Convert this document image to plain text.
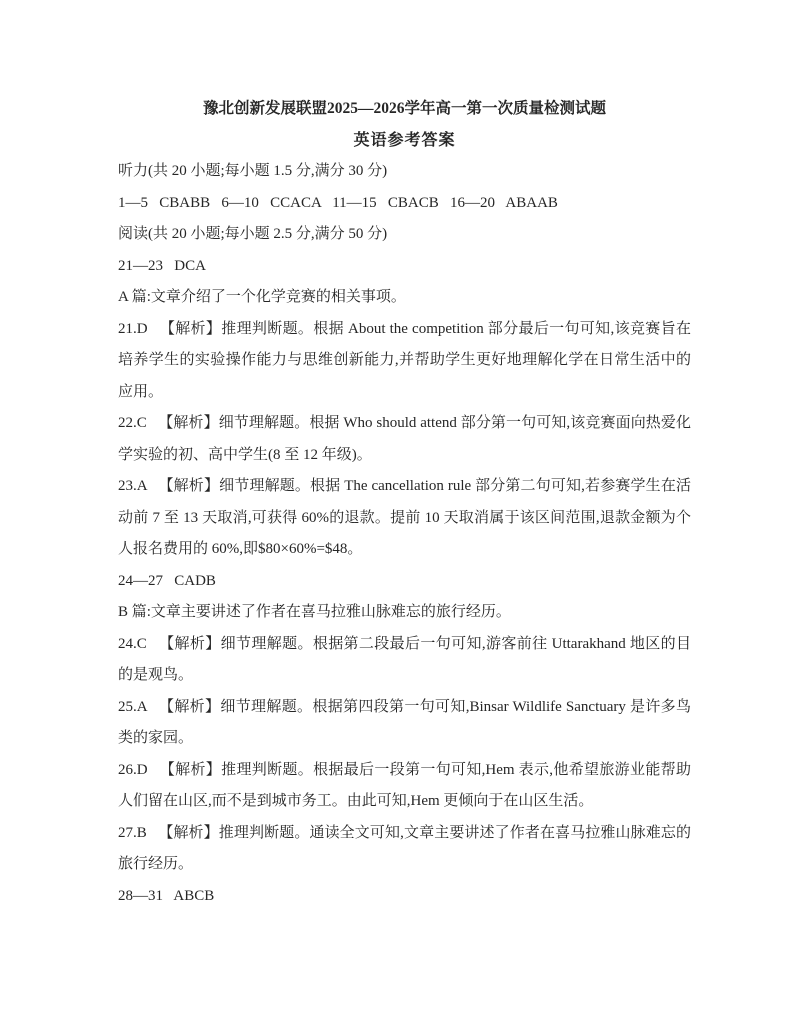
豫北创新发展联盟2025—2026学年高一第一次质量检测试题

英语参考答案

听力(共 20 小题;每小题 1.5 分,满分 30 分)

1—5   CBABB   6—10   CCACA   11—15   CBACB   16—20   ABAAB

阅读(共 20 小题;每小题 2.5 分,满分 50 分)

21—23   DCA

A 篇:文章介绍了一个化学竞赛的相关事项。

21.D   【解析】推理判断题。根据 About the competition 部分最后一句可知,该竞赛旨在培养学生的实验操作能力与思维创新能力,并帮助学生更好地理解化学在日常生活中的应用。

22.C   【解析】细节理解题。根据 Who should attend 部分第一句可知,该竞赛面向热爱化学实验的初、高中学生(8 至 12 年级)。

23.A   【解析】细节理解题。根据 The cancellation rule 部分第二句可知,若参赛学生在活动前 7 至 13 天取消,可获得 60%的退款。提前 10 天取消属于该区间范围,退款金额为个人报名费用的 60%,即$80×60%=$48。

24—27   CADB

B 篇:文章主要讲述了作者在喜马拉雅山脉难忘的旅行经历。

24.C   【解析】细节理解题。根据第二段最后一句可知,游客前往 Uttarakhand 地区的目的是观鸟。

25.A   【解析】细节理解题。根据第四段第一句可知,Binsar Wildlife Sanctuary 是许多鸟类的家园。

26.D   【解析】推理判断题。根据最后一段第一句可知,Hem 表示,他希望旅游业能帮助人们留在山区,而不是到城市务工。由此可知,Hem 更倾向于在山区生活。

27.B   【解析】推理判断题。通读全文可知,文章主要讲述了作者在喜马拉雅山脉难忘的旅行经历。

28—31   ABCB
